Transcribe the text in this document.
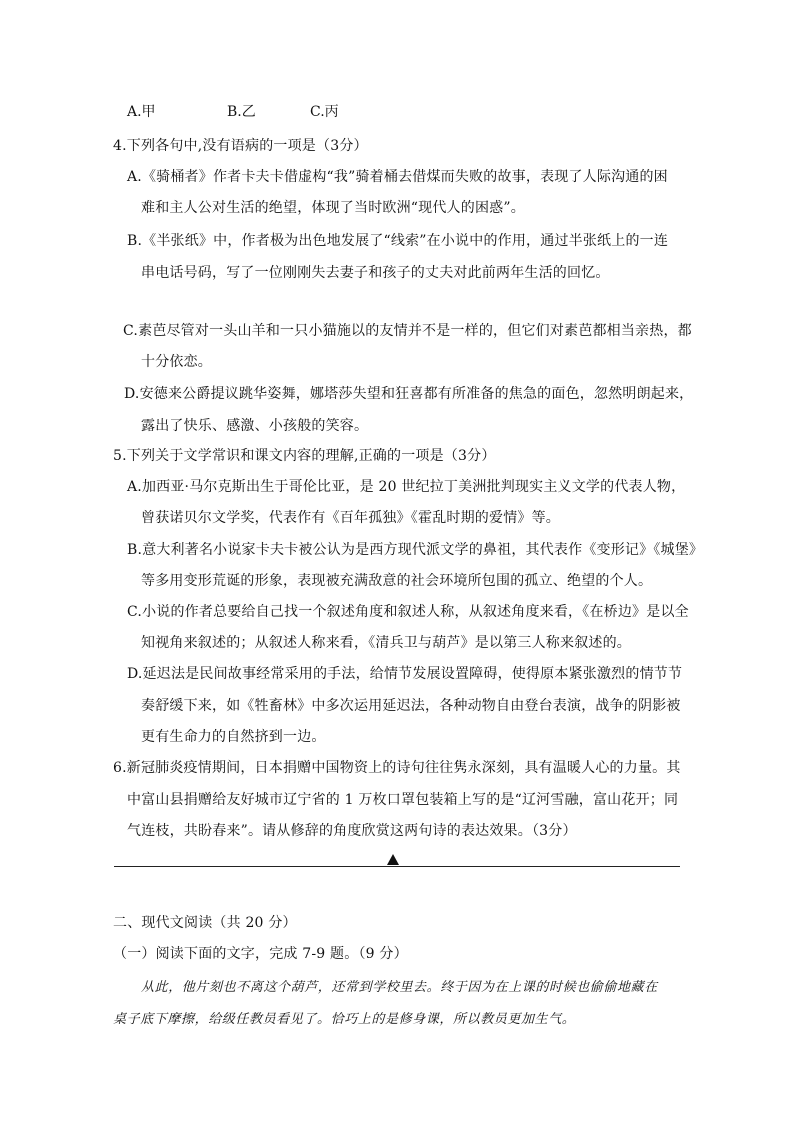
A.甲	B.乙	C.丙
4.下列各句中,没有语病的一项是（3分）
A.《骑桶者》作者卡夫卡借虚构“我”骑着桶去借煤而失败的故事，表现了人际沟通的困
难和主人公对生活的绝望，体现了当时欧洲“现代人的困惑”。
B.《半张纸》中，作者极为出色地发展了“线索”在小说中的作用，通过半张纸上的一连
串电话号码，写了一位刚刚失去妻子和孩子的丈夫对此前两年生活的回忆。
C.素芭尽管对一头山羊和一只小猫施以的友情并不是一样的，但它们对素芭都相当亲热，都
十分依恋。
D.安德来公爵提议跳华姿舞，娜塔莎失望和狂喜都有所准备的焦急的面色，忽然明朗起来，
露出了快乐、感激、小孩般的笑容。
5.下列关于文学常识和课文内容的理解,正确的一项是（3分）
A.加西亚·马尔克斯出生于哥伦比亚，是 20 世纪拉丁美洲批判现实主义文学的代表人物，
曾获诺贝尔文学奖，代表作有《百年孤独》《霍乱时期的爱情》等。
B.意大利著名小说家卡夫卡被公认为是西方现代派文学的鼻祖，其代表作《变形记》《城堡》
等多用变形荒诞的形象，表现被充满敌意的社会环境所包围的孤立、绝望的个人。
C.小说的作者总要给自己找一个叙述角度和叙述人称，从叙述角度来看，《在桥边》是以全
知视角来叙述的；从叙述人称来看，《清兵卫与葫芦》是以第三人称来叙述的。
D.延迟法是民间故事经常采用的手法，给情节发展设置障碍，使得原本紧张激烈的情节节
奏舒缓下来，如《牲畜林》中多次运用延迟法，各种动物自由登台表演，战争的阴影被
更有生命力的自然挤到一边。
6.新冠肺炎疫情期间，日本捐赠中国物资上的诗句往往隽永深刻，具有温暖人心的力量。其
中富山县捐赠给友好城市辽宁省的 1 万枚口罩包装箱上写的是“辽河雪融，富山花开；同
气连枝，共盼春来”。请从修辞的角度欣赏这两句诗的表达效果。（3分）
二、现代文阅读（共 20 分）
（一）阅读下面的文字，完成 7-9 题。（9 分）
从此，他片刻也不离这个葫芦，还常到学校里去。终于因为在上课的时候也偷偷地藏在
桌子底下摩擦，给级任教员看见了。恰巧上的是修身课，所以教员更加生气。
